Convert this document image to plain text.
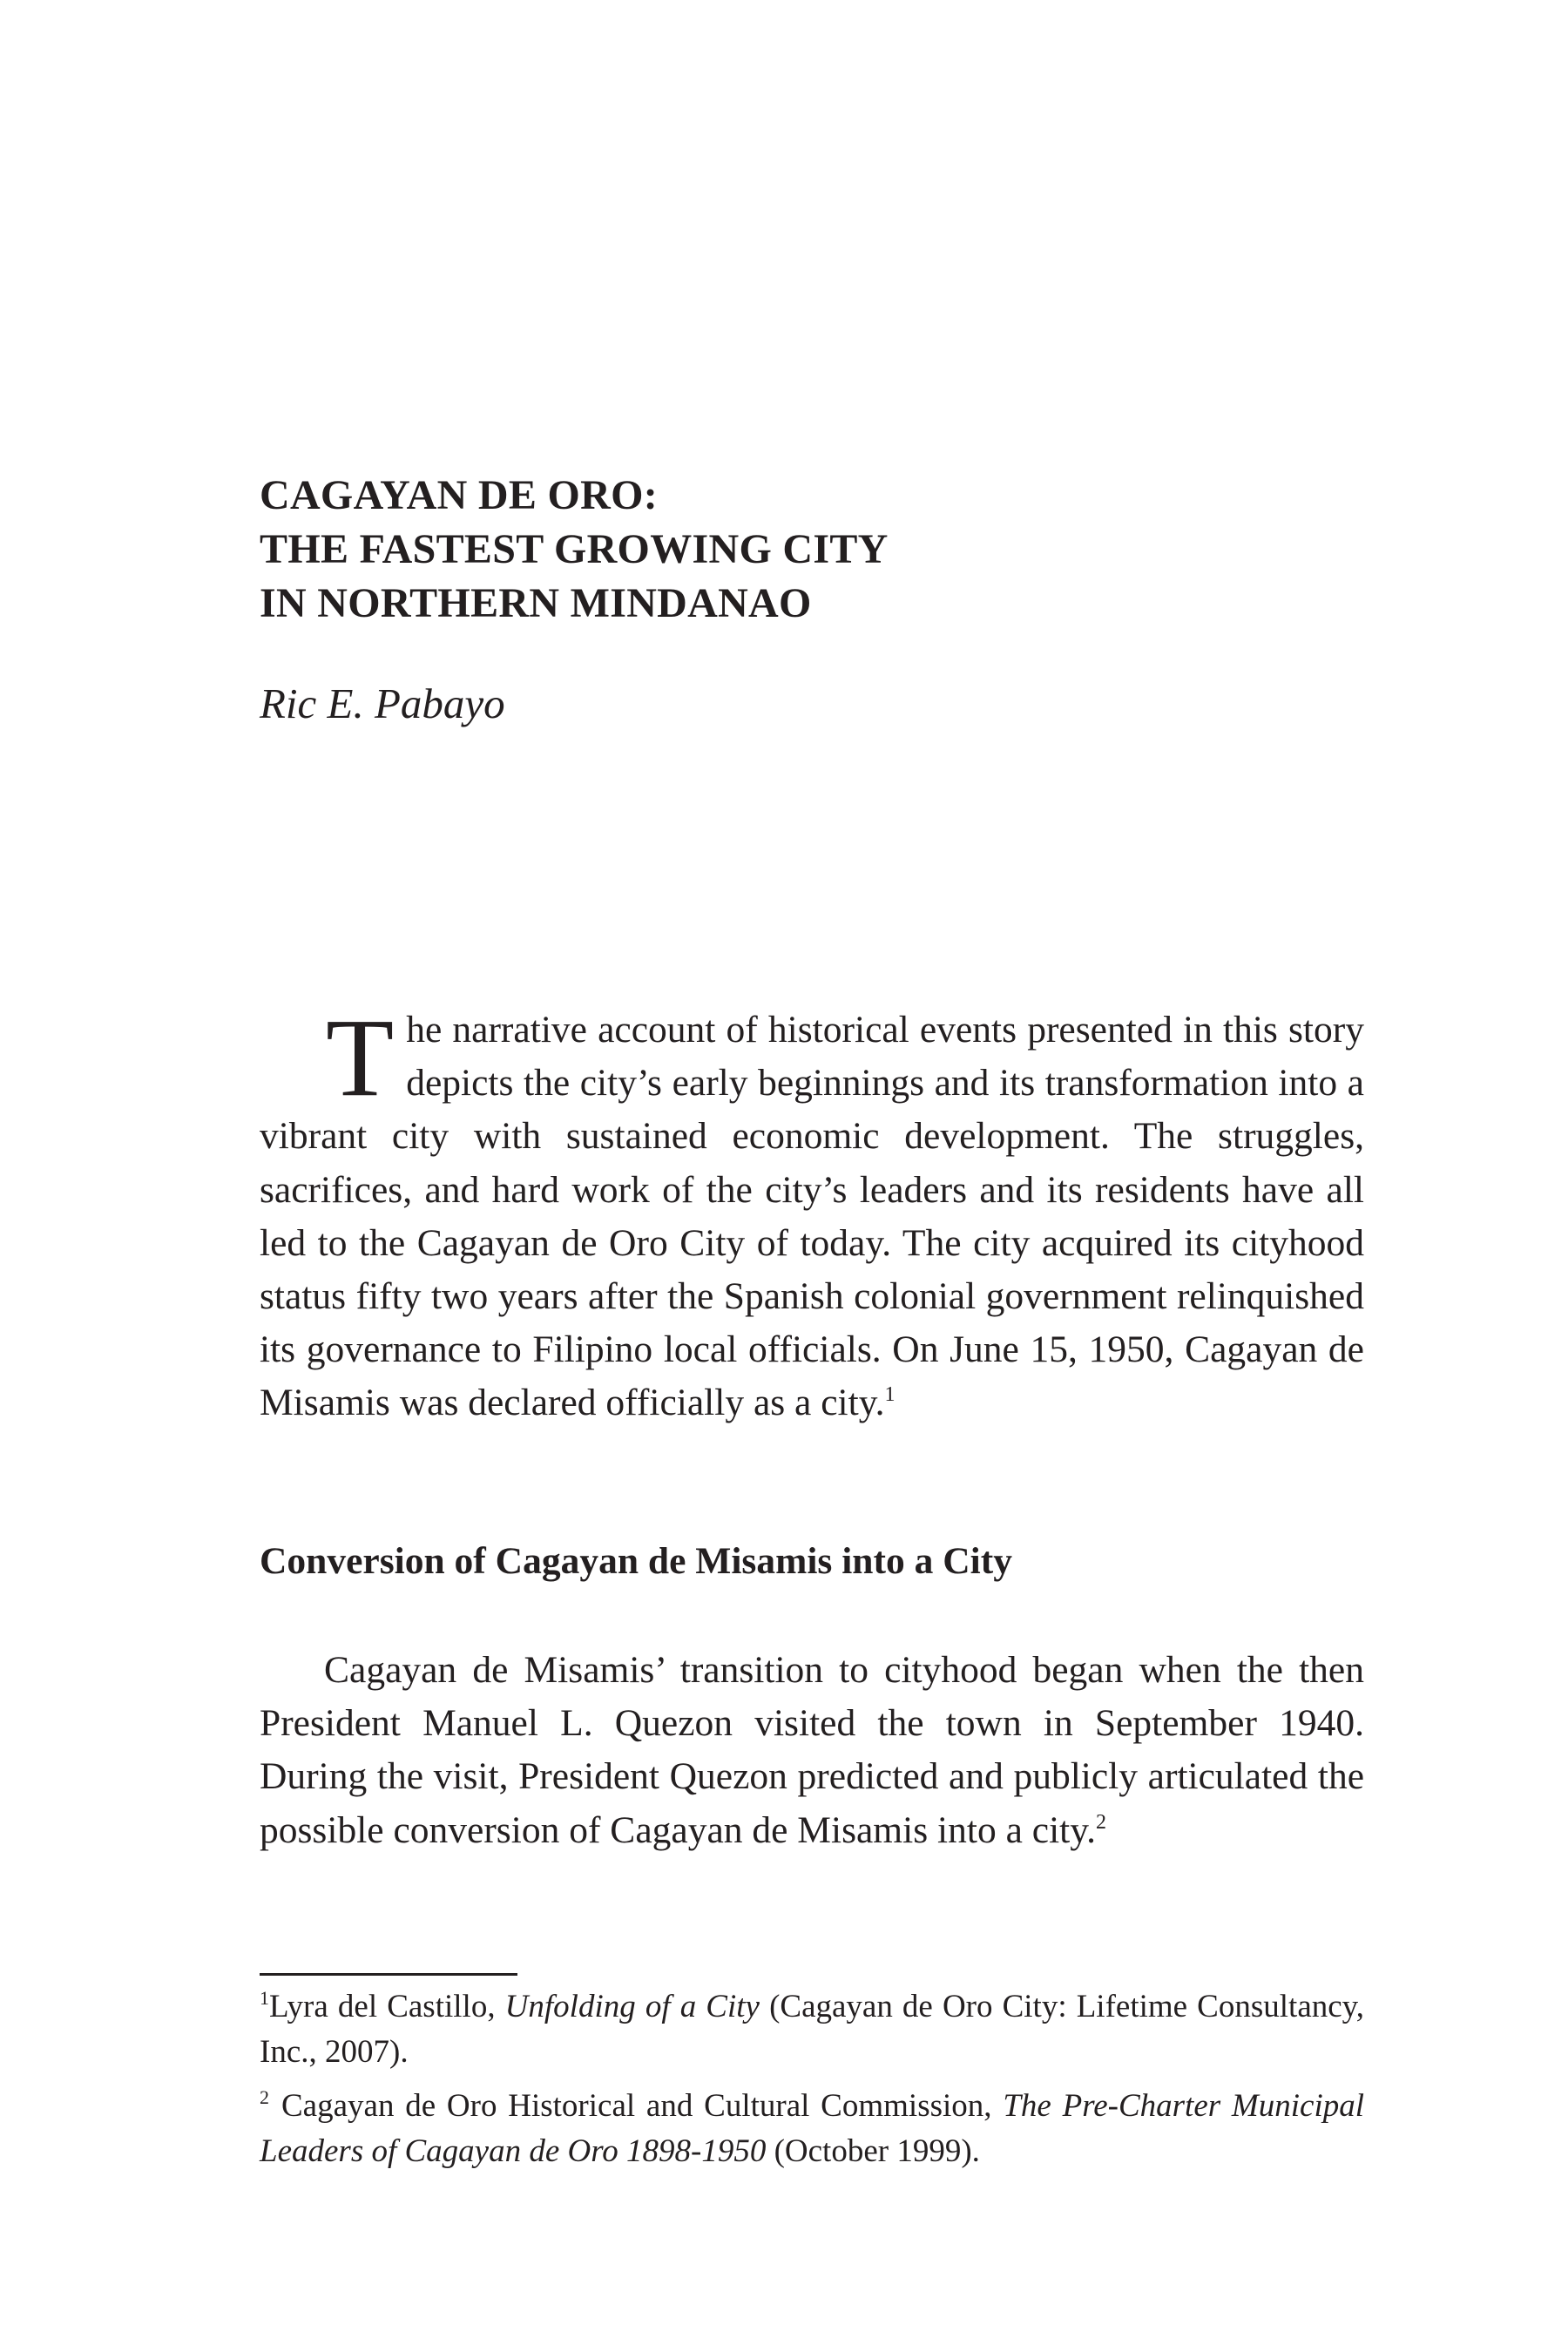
CAGAYAN DE ORO:
THE FASTEST GROWING CITY
IN NORTHERN MINDANAO

Ric E. Pabayo

The narrative account of historical events presented in this story depicts the city’s early beginnings and its transformation into a vibrant city with sustained economic development. The struggles, sacrifices, and hard work of the city’s leaders and its residents have all led to the Cagayan de Oro City of today. The city acquired its cityhood status fifty two years after the Spanish colonial government relinquished its governance to Filipino local officials. On June 15, 1950, Cagayan de Misamis was declared officially as a city.$^1$

Conversion of Cagayan de Misamis into a City

Cagayan de Misamis’ transition to cityhood began when the then President Manuel L. Quezon visited the town in September 1940. During the visit, President Quezon predicted and publicly articulated the possible conversion of Cagayan de Misamis into a city.$^2$

$^1$Lyra del Castillo, Unfolding of a City (Cagayan de Oro City: Lifetime Consultancy, Inc., 2007).

$^2$ Cagayan de Oro Historical and Cultural Commission, The Pre-Charter Municipal Leaders of Cagayan de Oro 1898-1950 (October 1999).
